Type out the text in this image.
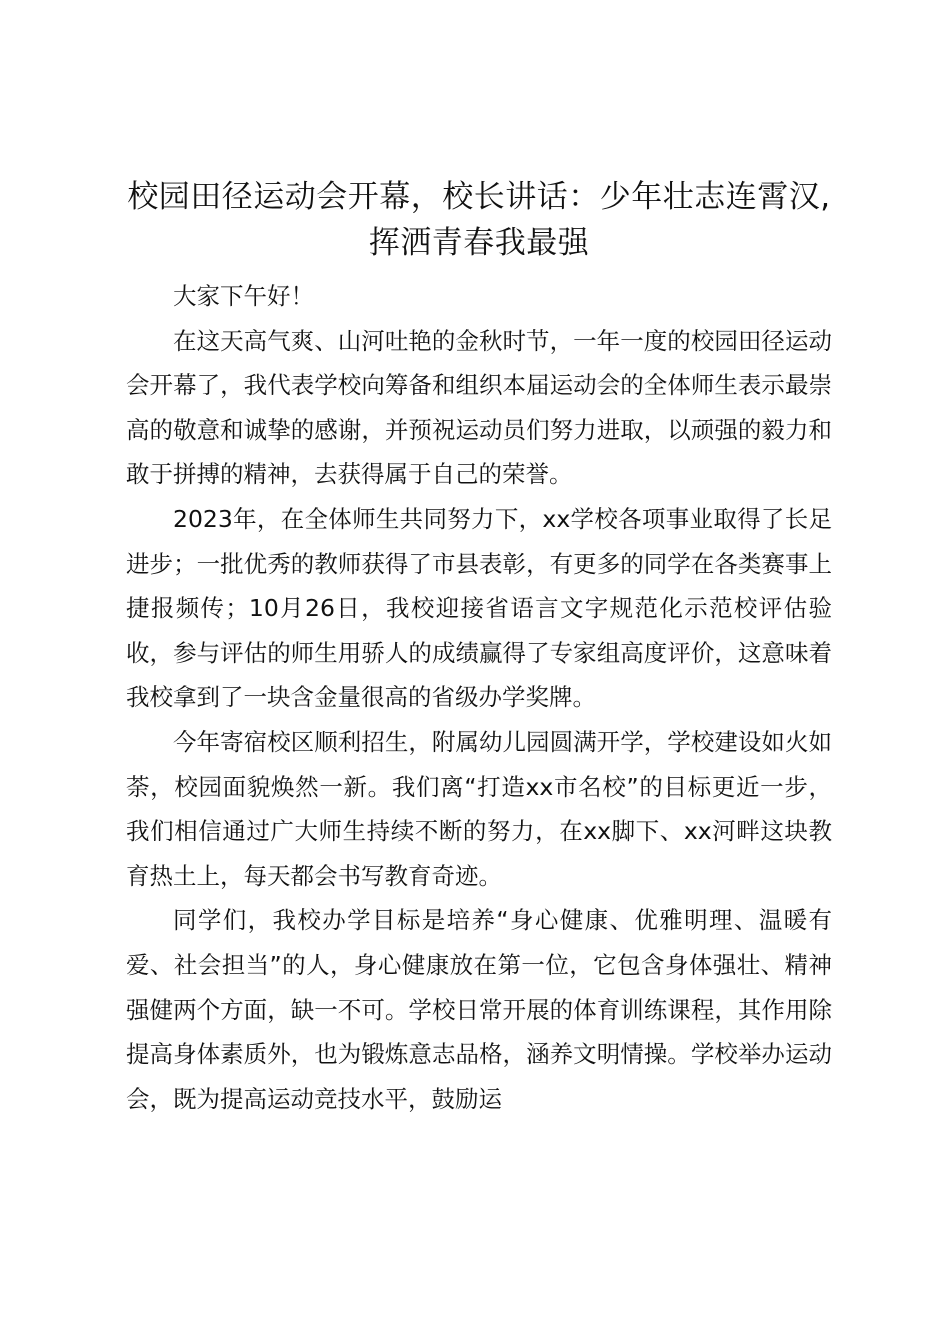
校园田径运动会开幕，校长讲话：少年壮志连霄汉,挥洒青春我最强

大家下午好！

在这天高气爽、山河吐艳的金秋时节，一年一度的校园田径运动会开幕了，我代表学校向筹备和组织本届运动会的全体师生表示最崇高的敬意和诚挚的感谢，并预祝运动员们努力进取，以顽强的毅力和敢于拼搏的精神，去获得属于自己的荣誉。

2023年，在全体师生共同努力下，xx学校各项事业取得了长足进步；一批优秀的教师获得了市县表彰，有更多的同学在各类赛事上捷报频传；10月26日，我校迎接省语言文字规范化示范校评估验收，参与评估的师生用骄人的成绩赢得了专家组高度评价，这意味着我校拿到了一块含金量很高的省级办学奖牌。

今年寄宿校区顺利招生，附属幼儿园圆满开学，学校建设如火如荼，校园面貌焕然一新。我们离“打造xx市名校”的目标更近一步，我们相信通过广大师生持续不断的努力，在xx脚下、xx河畔这块教育热土上，每天都会书写教育奇迹。

同学们，我校办学目标是培养“身心健康、优雅明理、温暖有爱、社会担当”的人，身心健康放在第一位，它包含身体强壮、精神强健两个方面，缺一不可。学校日常开展的体育训练课程，其作用除提高身体素质外，也为锻炼意志品格，涵养文明情操。学校举办运动会，既为提高运动竞技水平，鼓励运
